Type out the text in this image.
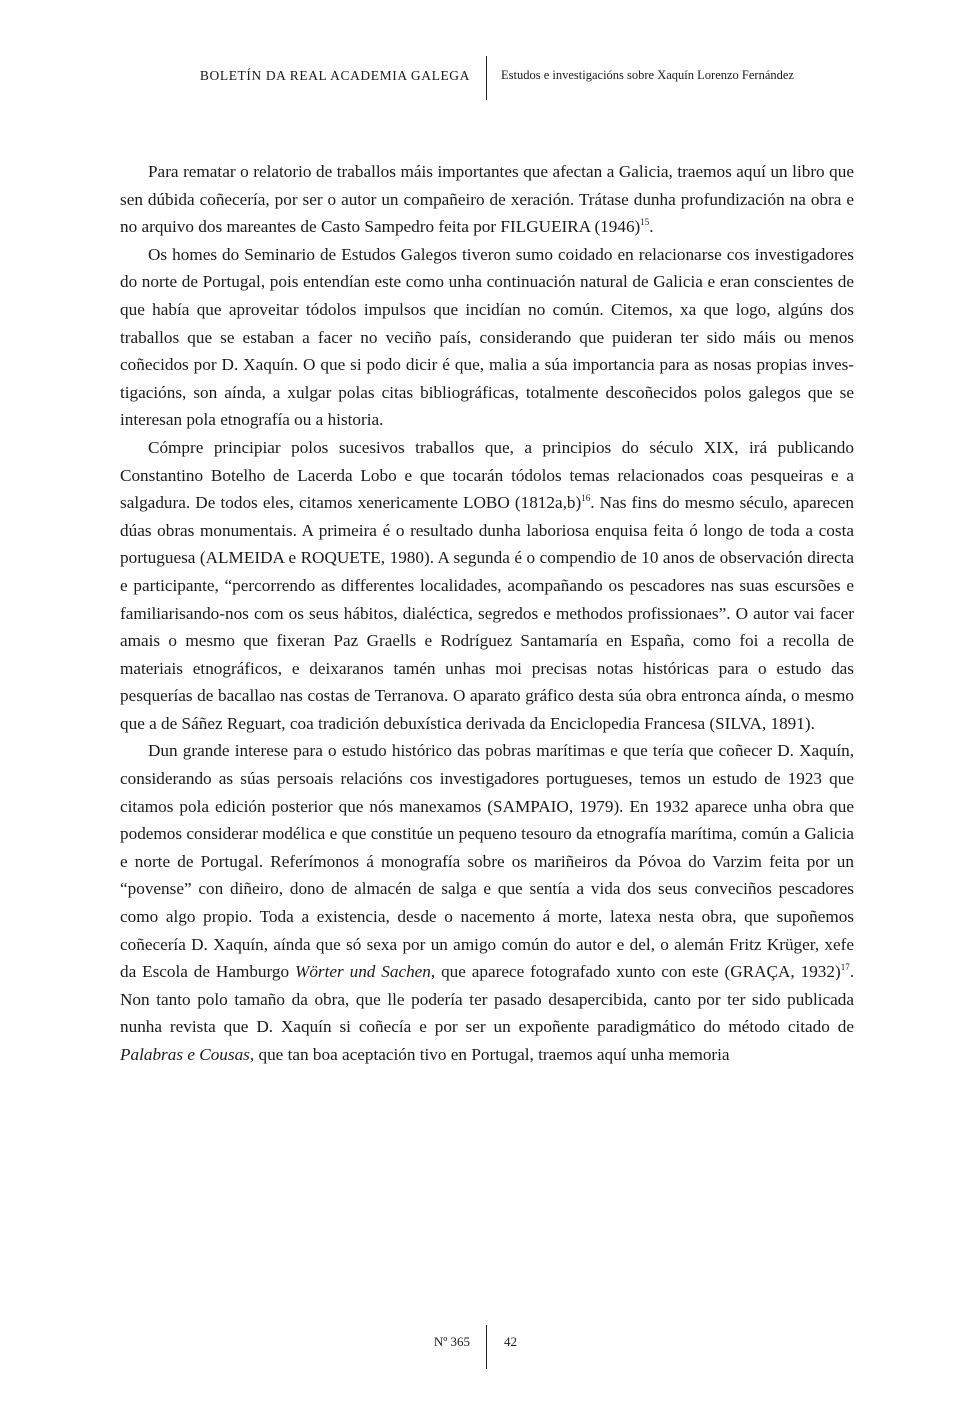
BOLETÍN DA REAL ACADEMIA GALEGA Estudos e investigacións sobre Xaquín Lorenzo Fernández

Para rematar o relatorio de traballos máis importantes que afectan a Galicia, traemos aquí un libro que sen dúbida coñecería, por ser o autor un compañeiro de xeración. Trátase dunha profundización na obra e no arquivo dos mareantes de Casto Sampedro feita por FILGUEIRA $(1946)^{15}$.

Os homes do Seminario de Estudos Galegos tiveron sumo coidado en relacionarse cos investigadores do norte de Portugal, pois entendían este como unha continuación natural de Galicia e eran conscientes de que había que aproveitar tódolos impulsos que incidían no común. Citemos, xa que logo, algúns dos traballos que se estaban a facer no veciño país, considerando que puideran ter sido máis ou menos coñecidos por D. Xaquín. O que si podo dicir é que, malia a súa importancia para as nosas propias investigacións, son aínda, a xulgar polas citas bibliográficas, totalmente descoñecidos polos galegos que se interesan pola etnografía ou a historia.

Cómpre principiar polos sucesivos traballos que, a principios do século XIX, irá publicando Constantino Botelho de Lacerda Lobo e que tocarán tódolos temas relacionados coas pesqueiras e a salgadura. De todos eles, citamos xenericamente LOBO $(1812a,b)^{16}$. Nas fins do mesmo século, aparecen dúas obras monumentais. A primeira é o resultado dunha laboriosa enquisa feita ó longo de toda a costa portuguesa (ALMEIDA e ROQUETE, 1980). A segunda é o compendio de 10 anos de observación directa e participante, “percorrendo as differentes localidades, acompañando os pescadores nas suas escursões e familiarisando-nos com os seus hábitos, dialéctica, segredos e methodos profissionaes”. O autor vai facer amais o mesmo que fixeran Paz Graells e Rodríguez Santamaría en España, como foi a recolla de materiais etnográficos, e deixaranos tamén unhas moi precisas notas históricas para o estudo das pesquerías de bacallao nas costas de Terranova. O aparato gráfico desta súa obra entronca aínda, o mesmo que a de Sáñez Reguart, coa tradición debuxística derivada da Enciclopedia Francesa (SILVA, 1891).

Dun grande interese para o estudo histórico das pobras marítimas e que tería que coñecer D. Xaquín, considerando as súas persoais relacións cos investigadores portugueses, temos un estudo de 1923 que citamos pola edición posterior que nós manexamos (SAMPAIO, 1979). En 1932 aparece unha obra que podemos considerar modélica e que constitúe un pequeno tesouro da etnografía marítima, común a Galicia e norte de Portugal. Referímonos á monografía sobre os mariñeiros da Póvoa do Varzim feita por un “povense” con diñeiro, dono de almacén de salga e que sentía a vida dos seus conveciños pescadores como algo propio. Toda a existencia, desde o nacemento á morte, latexa nesta obra, que supoñemos coñecería D. Xaquín, aínda que só sexa por un amigo común do autor e del, o alemán Fritz Krüger, xefe da Escola de Hamburgo Wörter und Sachen, que aparece fotografado xunto con este (GRAÇA, 1932)$^{17}$. Non tanto polo tamaño da obra, que lle podería ter pasado desapercibida, canto por ter sido publicada nunha revista que D. Xaquín si coñecía e por ser un expoñente paradigmático do método citado de Palabras e Cousas, que tan boa aceptación tivo en Portugal, traemos aquí unha memoria

Nº 365	42
